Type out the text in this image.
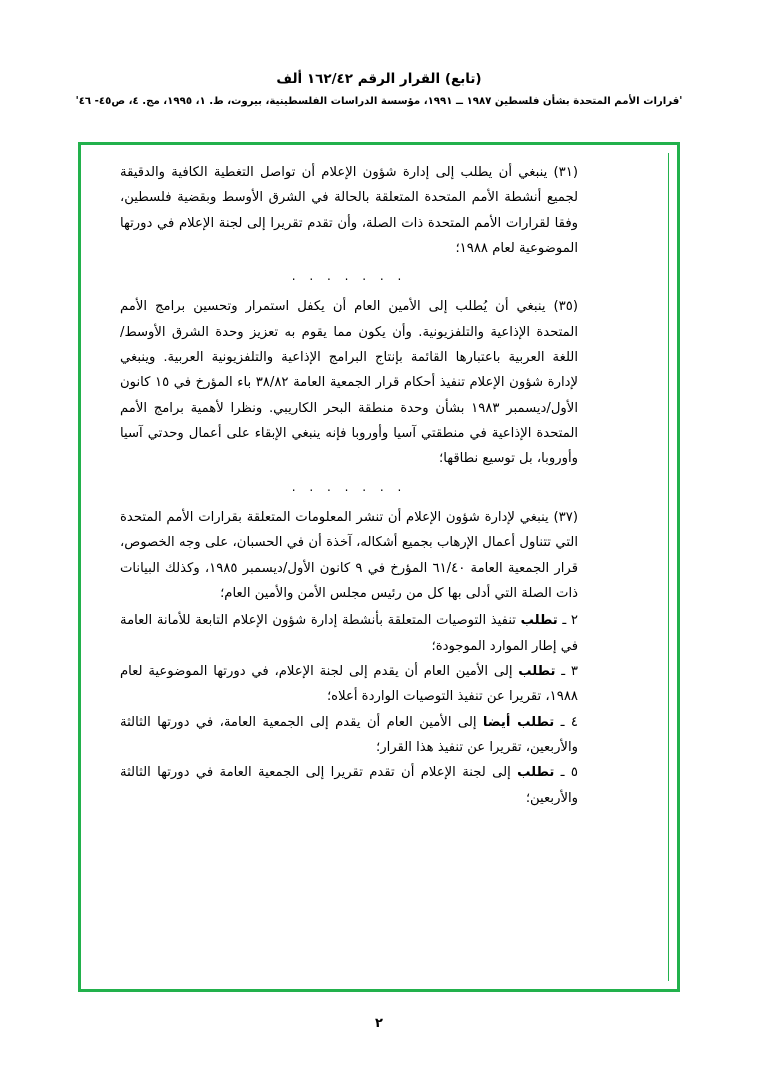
(تابع) القرار الرقم ١٦٢/٤٢ ألف
'قرارات الأمم المتحدة بشأن فلسطين ١٩٨٧ ــ ١٩٩١، مؤسسة الدراسات الفلسطينية، بيروت، ط. ١، ١٩٩٥، مج. ٤، ص٤٥- ٤٦'

(٣١) ينبغي أن يطلب إلى إدارة شؤون الإعلام أن تواصل التغطية الكافية والدقيقة لجميع أنشطة الأمم المتحدة المتعلقة بالحالة في الشرق الأوسط وبقضية فلسطين، وفقا لقرارات الأمم المتحدة ذات الصلة، وأن تقدم تقريرا إلى لجنة الإعلام في دورتها الموضوعية لعام ١٩٨٨؛

. . . . . . .

(٣٥) ينبغي أن يُطلب إلى الأمين العام أن يكفل استمرار وتحسين برامج الأمم المتحدة الإذاعية والتلفزيونية. وأن يكون مما يقوم به تعزيز وحدة الشرق الأوسط/اللغة العربية باعتبارها القائمة بإنتاج البرامج الإذاعية والتلفزيونية العربية. وينبغي لإدارة شؤون الإعلام تنفيذ أحكام قرار الجمعية العامة ٣٨/٨٢ باء المؤرخ في ١٥ كانون الأول/ديسمبر ١٩٨٣ بشأن وحدة منطقة البحر الكاريبي. ونظرا لأهمية برامج الأمم المتحدة الإذاعية في منطقتي آسيا وأوروبا فإنه ينبغي الإبقاء على أعمال وحدتي آسيا وأوروبا، بل توسيع نطاقها؛

. . . . . . .

(٣٧) ينبغي لإدارة شؤون الإعلام أن تنشر المعلومات المتعلقة بقرارات الأمم المتحدة التي تتناول أعمال الإرهاب بجميع أشكاله، آخذة أن في الحسبان، على وجه الخصوص، قرار الجمعية العامة ٦١/٤٠ المؤرخ في ٩ كانون الأول/ديسمبر ١٩٨٥، وكذلك البيانات ذات الصلة التي أدلى بها كل من رئيس مجلس الأمن والأمين العام؛

٢ ـ تطلب تنفيذ التوصيات المتعلقة بأنشطة إدارة شؤون الإعلام التابعة للأمانة العامة في إطار الموارد الموجودة؛

٣ ـ تطلب إلى الأمين العام أن يقدم إلى لجنة الإعلام، في دورتها الموضوعية لعام ١٩٨٨، تقريرا عن تنفيذ التوصيات الواردة أعلاه؛

٤ ـ تطلب أيضا إلى الأمين العام أن يقدم إلى الجمعية العامة، في دورتها الثالثة والأربعين، تقريرا عن تنفيذ هذا القرار؛

٥ ـ تطلب إلى لجنة الإعلام أن تقدم تقريرا إلى الجمعية العامة في دورتها الثالثة والأربعين؛

٢
